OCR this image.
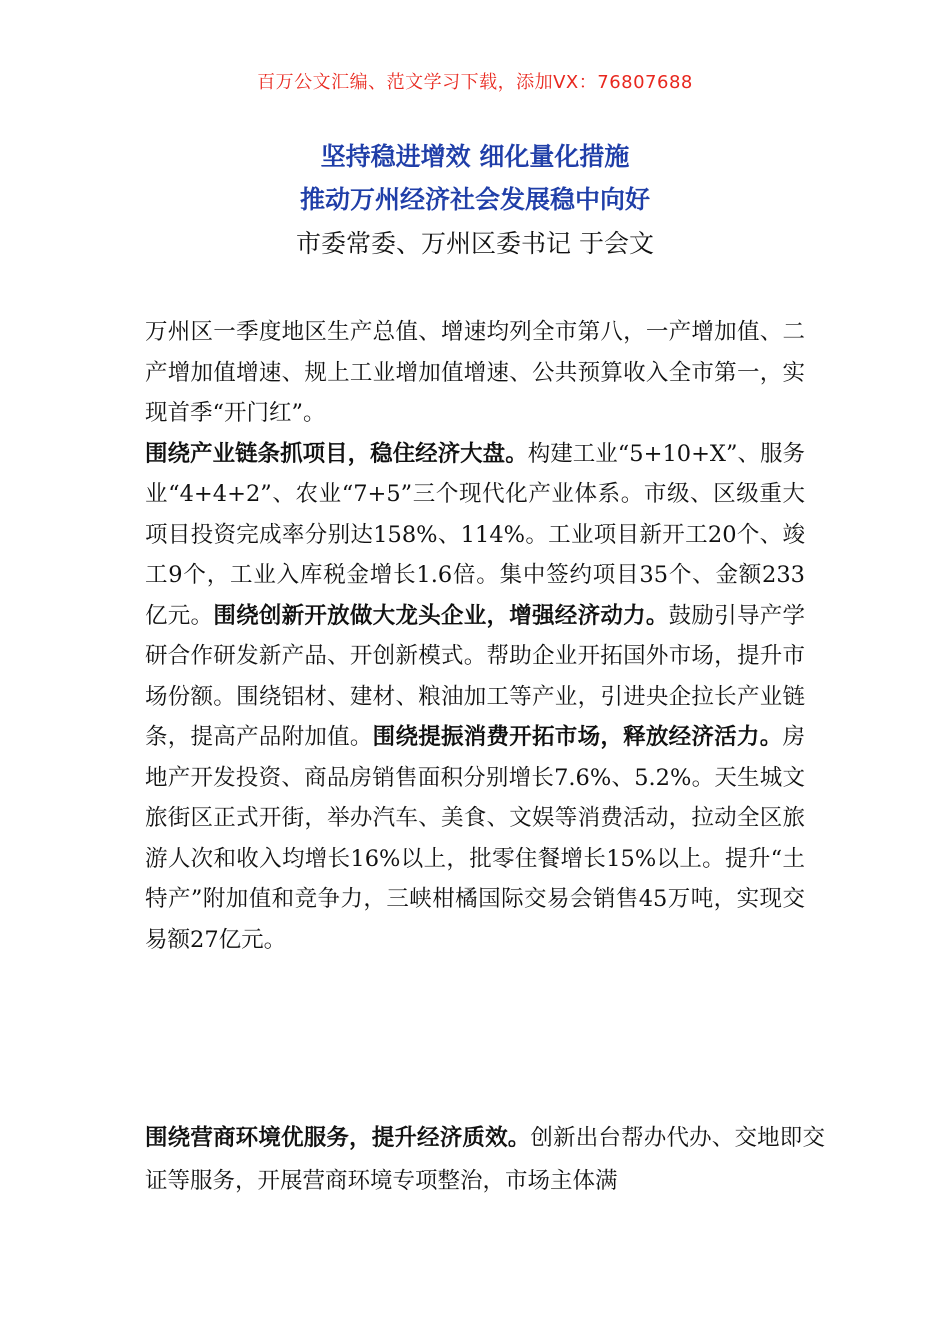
百万公文汇编、范文学习下载，添加VX：76807688
坚持稳进增效 细化量化措施
推动万州经济社会发展稳中向好
市委常委、万州区委书记 于会文

万州区一季度地区生产总值、增速均列全市第八，一产增加值、二产增加值增速、规上工业增加值增速、公共预算收入全市第一，实现首季“开门红”。

围绕产业链条抓项目，稳住经济大盘。构建工业“5+10+X”、服务业“4+4+2”、农业“7+5”三个现代化产业体系。市级、区级重大项目投资完成率分别达158%、114%。工业项目新开工20个、竣工9个，工业入库税金增长1.6倍。集中签约项目35个、金额233亿元。围绕创新开放做大龙头企业，增强经济动力。鼓励引导产学研合作研发新产品、开创新模式。帮助企业开拓国外市场，提升市场份额。围绕铝材、建材、粮油加工等产业，引进央企拉长产业链条，提高产品附加值。围绕提振消费开拓市场，释放经济活力。房地产开发投资、商品房销售面积分别增长7.6%、5.2%。天生城文旅街区正式开街，举办汽车、美食、文娱等消费活动，拉动全区旅游人次和收入均增长16%以上，批零住餐增长15%以上。提升“土特产”附加值和竞争力，三峡柑橘国际交易会销售45万吨，实现交易额27亿元。

围绕营商环境优服务，提升经济质效。创新出台帮办代办、交地即交证等服务，开展营商环境专项整治，市场主体满
